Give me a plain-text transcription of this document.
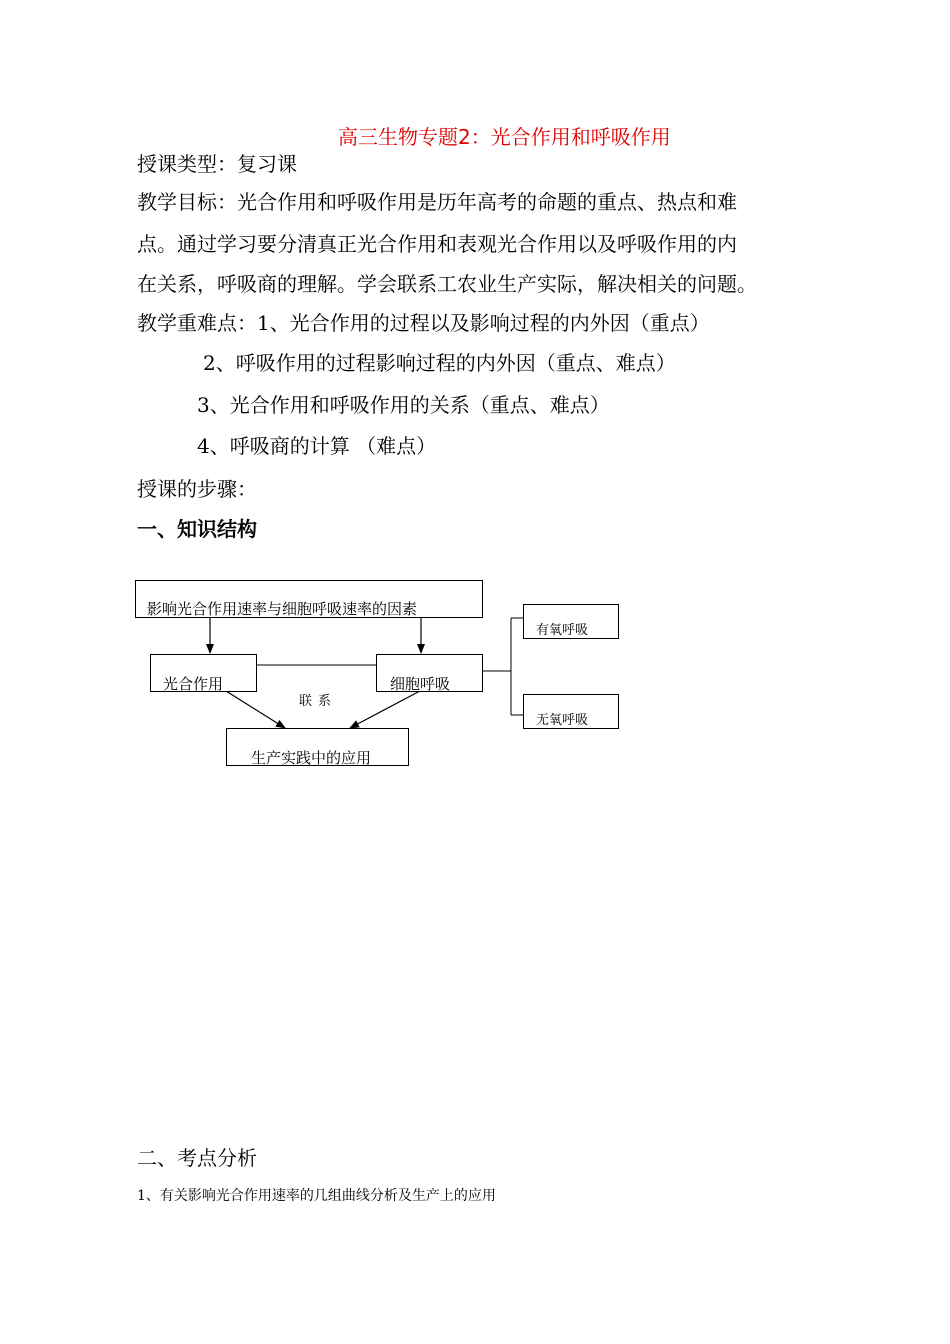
高三生物专题2：光合作用和呼吸作用
授课类型：复习课
教学目标：光合作用和呼吸作用是历年高考的命题的重点、热点和难
点。通过学习要分清真正光合作用和表观光合作用以及呼吸作用的内
在关系，呼吸商的理解。学会联系工农业生产实际，解决相关的问题。
教学重难点：1、光合作用的过程以及影响过程的内外因（重点）
2、呼吸作用的过程影响过程的内外因（重点、难点）
3、光合作用和呼吸作用的关系（重点、难点）
4、呼吸商的计算 （难点）
授课的步骤：
一、知识结构
影响光合作用速率与细胞呼吸速率的因素
光合作用	细胞呼吸
联系
生产实践中的应用
有氧呼吸
无氧呼吸
二、考点分析
1、有关影响光合作用速率的几组曲线分析及生产上的应用
